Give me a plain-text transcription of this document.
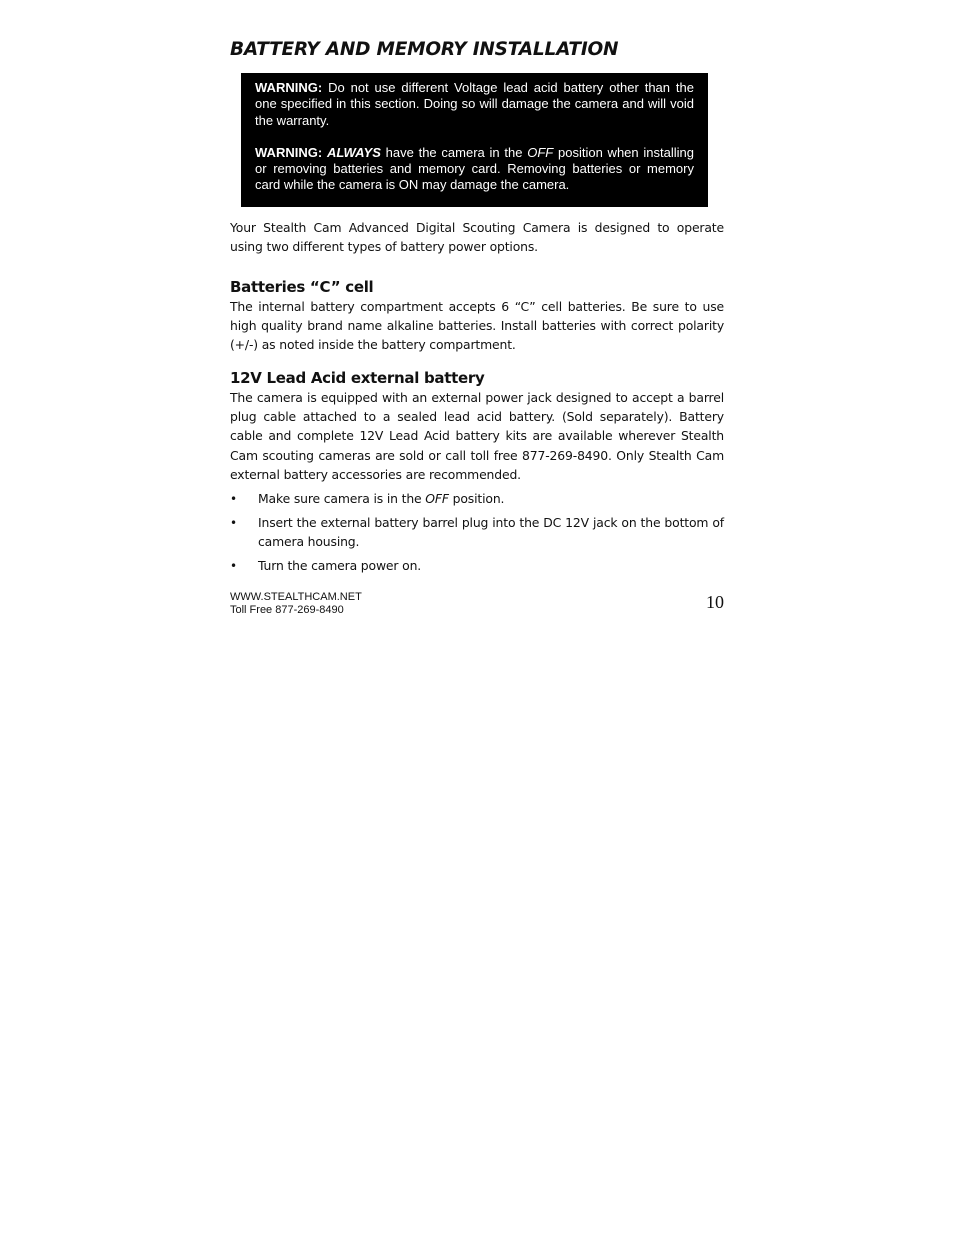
BATTERY AND MEMORY INSTALLATION

WARNING: Do not use different Voltage lead acid battery other than the one specified in this section. Doing so will damage the camera and will void the warranty.

WARNING: ALWAYS have the camera in the OFF position when installing or removing batteries and memory card. Removing batteries or memory card while the camera is ON may damage the camera.

Your Stealth Cam Advanced Digital Scouting Camera is designed to operate using two different types of battery power options.

Batteries “C” cell

The internal battery compartment accepts 6 “C” cell batteries. Be sure to use high quality brand name alkaline batteries. Install batteries with correct polarity (+/-) as noted inside the battery compartment.

12V Lead Acid external battery

The camera is equipped with an external power jack designed to accept a barrel plug cable attached to a sealed lead acid battery. (Sold separately). Battery cable and complete 12V Lead Acid battery kits are available wherever Stealth Cam scouting cameras are sold or call toll free 877-269-8490. Only Stealth Cam external battery accessories are recommended.

• Make sure camera is in the OFF position.
• Insert the external battery barrel plug into the DC 12V jack on the bottom of camera housing.
• Turn the camera power on.
WWW.STEALTHCAM.NET
Toll Free 877-269-8490	10
